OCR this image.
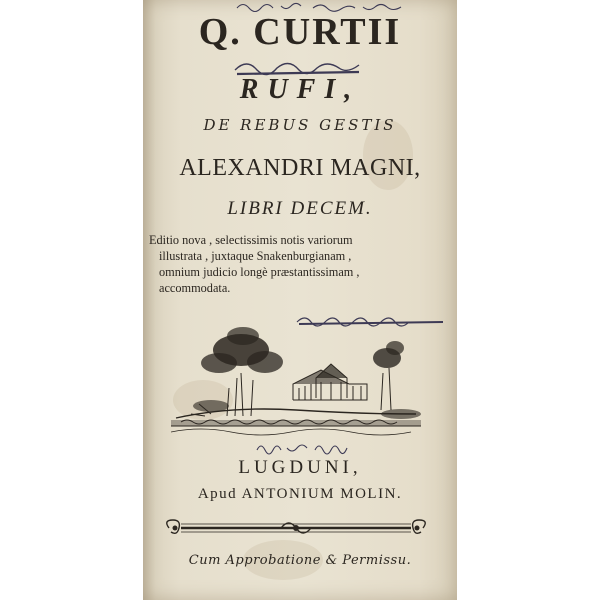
Q. CURTII
RUFI,
DE REBUS GESTIS
ALEXANDRI MAGNI,
LIBRI DECEM.
Editio nova , selectissimis notis variorum
illustrata , juxtaque Snakenburgianam ,
omnium judicio longè præstantissimam ,
accommodata.
LUGDUNI,
Apud ANTONIUM MOLIN.
Cum Approbatione & Permissu.
